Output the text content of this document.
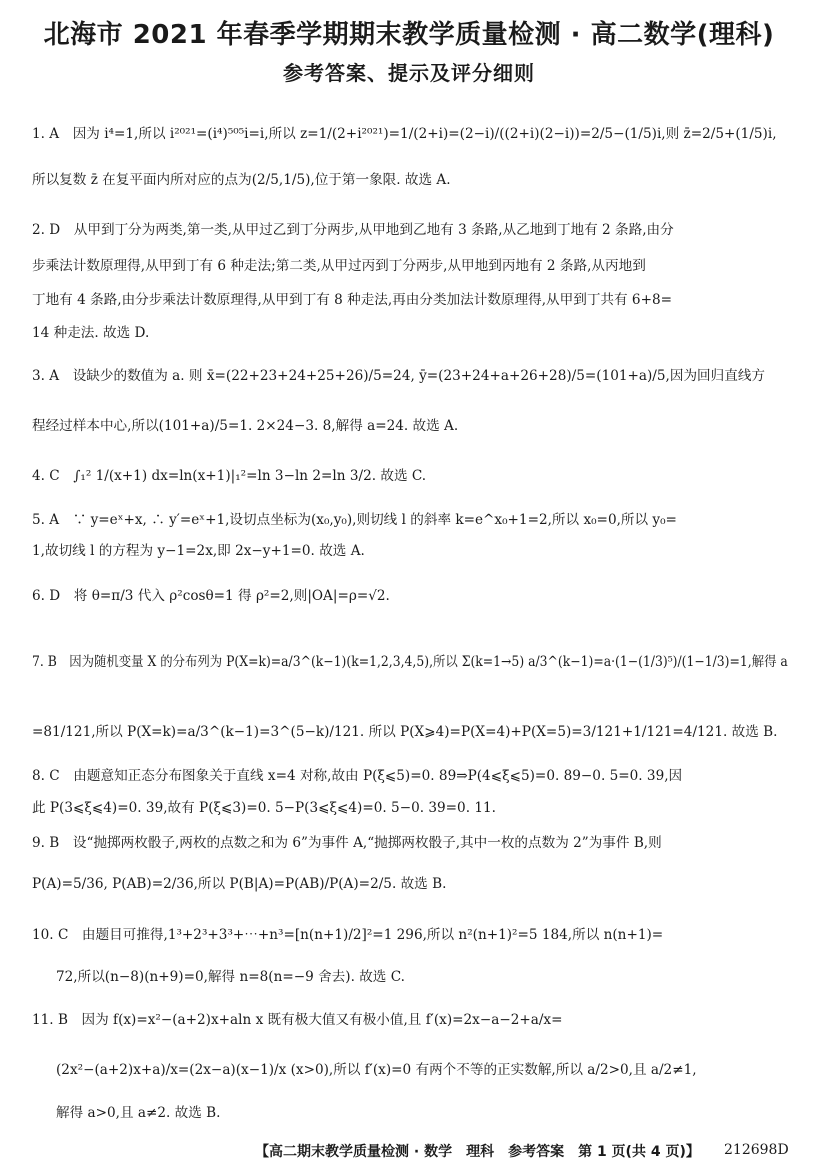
北海市 2021 年春季学期期末教学质量检测 · 高二数学(理科)
参考答案、提示及评分细则
1. A　因为 i⁴=1,所以 i²⁰²¹=(i⁴)⁵⁰⁵i=i,所以 z=1/(2+i²⁰²¹)=1/(2+i)=(2−i)/((2+i)(2−i))=2/5−(1/5)i,则 z̄=2/5+(1/5)i,
所以复数 z̄ 在复平面内所对应的点为(2/5,1/5),位于第一象限. 故选 A.
2. D　从甲到丁分为两类,第一类,从甲过乙到丁分两步,从甲地到乙地有 3 条路,从乙地到丁地有 2 条路,由分
步乘法计数原理得,从甲到丁有 6 种走法;第二类,从甲过丙到丁分两步,从甲地到丙地有 2 条路,从丙地到
丁地有 4 条路,由分步乘法计数原理得,从甲到丁有 8 种走法,再由分类加法计数原理得,从甲到丁共有 6+8=
14 种走法. 故选 D.
3. A　设缺少的数值为 a. 则 x̄=(22+23+24+25+26)/5=24, ȳ=(23+24+a+26+28)/5=(101+a)/5,因为回归直线方
程经过样本中心,所以(101+a)/5=1. 2×24−3. 8,解得 a=24. 故选 A.
4. C　∫₁² 1/(x+1) dx=ln(x+1)|₁²=ln 3−ln 2=ln 3/2. 故选 C.
5. A　∵ y=eˣ+x, ∴ y′=eˣ+1,设切点坐标为(x₀,y₀),则切线 l 的斜率 k=e^x₀+1=2,所以 x₀=0,所以 y₀=
1,故切线 l 的方程为 y−1=2x,即 2x−y+1=0. 故选 A.
6. D　将 θ=π/3 代入 ρ²cosθ=1 得 ρ²=2,则|OA|=ρ=√2.
7. B　因为随机变量 X 的分布列为 P(X=k)=a/3^(k−1)(k=1,2,3,4,5),所以 Σ(k=1→5) a/3^(k−1)=a·(1−(1/3)⁵)/(1−1/3)=1,解得 a
=81/121,所以 P(X=k)=a/3^(k−1)=3^(5−k)/121. 所以 P(X⩾4)=P(X=4)+P(X=5)=3/121+1/121=4/121. 故选 B.
8. C　由题意知正态分布图象关于直线 x=4 对称,故由 P(ξ⩽5)=0. 89⇒P(4⩽ξ⩽5)=0. 89−0. 5=0. 39,因
此 P(3⩽ξ⩽4)=0. 39,故有 P(ξ⩽3)=0. 5−P(3⩽ξ⩽4)=0. 5−0. 39=0. 11.
9. B　设“抛掷两枚骰子,两枚的点数之和为 6”为事件 A,“抛掷两枚骰子,其中一枚的点数为 2”为事件 B,则
P(A)=5/36, P(AB)=2/36,所以 P(B|A)=P(AB)/P(A)=2/5. 故选 B.
10. C　由题目可推得,1³+2³+3³+⋯+n³=[n(n+1)/2]²=1 296,所以 n²(n+1)²=5 184,所以 n(n+1)=
72,所以(n−8)(n+9)=0,解得 n=8(n=−9 舍去). 故选 C.
11. B　因为 f(x)=x²−(a+2)x+aln x 既有极大值又有极小值,且 f′(x)=2x−a−2+a/x=
(2x²−(a+2)x+a)/x=(2x−a)(x−1)/x (x>0),所以 f′(x)=0 有两个不等的正实数解,所以 a/2>0,且 a/2≠1,
解得 a>0,且 a≠2. 故选 B.
【高二期末教学质量检测 · 数学　理科　参考答案　第 1 页(共 4 页)】	212698D
